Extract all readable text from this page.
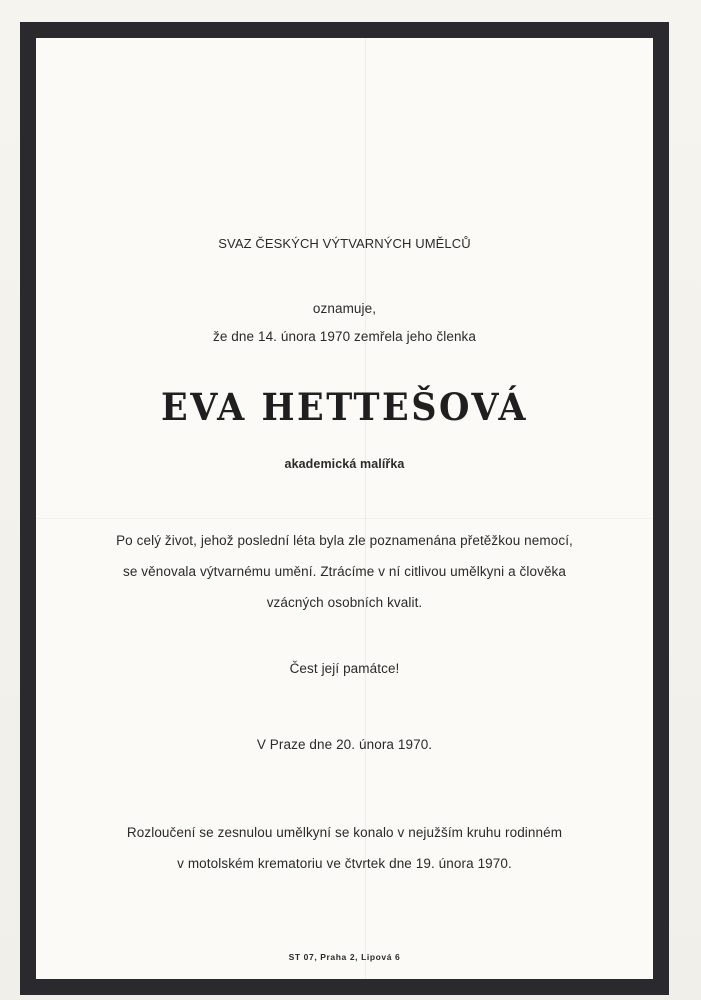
SVAZ ČESKÝCH VÝTVARNÝCH UMĚLCŮ
oznamuje,
že dne 14. února 1970 zemřela jeho členka
EVA HETTEŠOVÁ
akademická malířka
Po celý život, jehož poslední léta byla zle poznamenána přetěžkou nemocí,
se věnovala výtvarnému umění. Ztrácíme v ní citlivou umělkyni a člověka
vzácných osobních kvalit.
Čest její památce!
V Praze dne 20. února 1970.
Rozloučení se zesnulou umělkyní se konalo v nejužším kruhu rodinném
v motolském krematoriu ve čtvrtek dne 19. února 1970.
ST 07, Praha 2, Lipová 6
